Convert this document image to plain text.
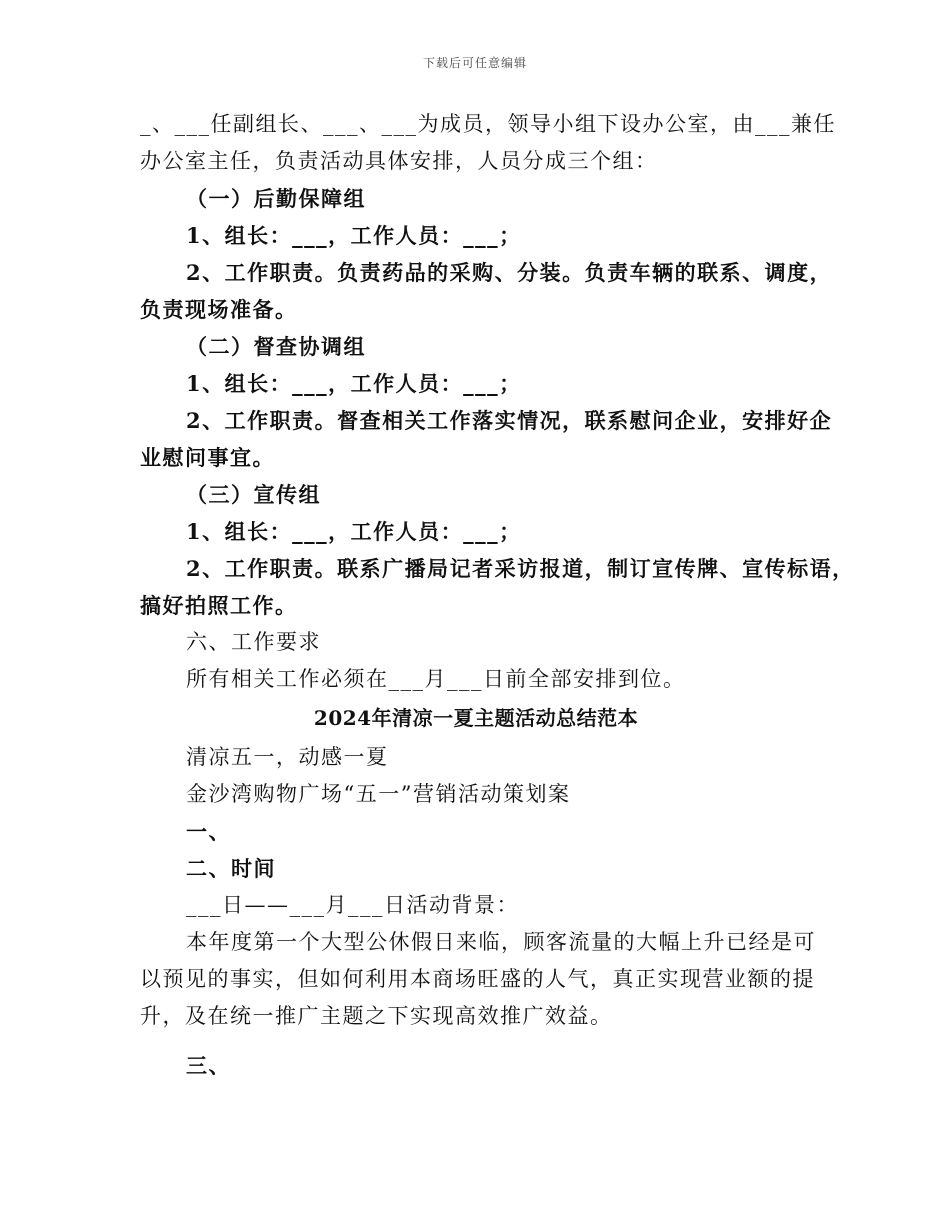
下载后可任意编辑
_、___任副组长、___、___为成员，领导小组下设办公室，由___兼任
办公室主任，负责活动具体安排，人员分成三个组：
（一）后勤保障组
1、组长：___，工作人员：___；
2、工作职责。负责药品的采购、分装。负责车辆的联系、调度，
负责现场准备。
（二）督查协调组
1、组长：___，工作人员：___；
2、工作职责。督查相关工作落实情况，联系慰问企业，安排好企
业慰问事宜。
（三）宣传组
1、组长：___，工作人员：___；
2、工作职责。联系广播局记者采访报道，制订宣传牌、宣传标语，
搞好拍照工作。
六、工作要求
所有相关工作必须在___月___日前全部安排到位。
2024年清凉一夏主题活动总结范本
清凉五一，动感一夏
金沙湾购物广场“五一”营销活动策划案
一、
二、时间
___日——___月___日活动背景：
本年度第一个大型公休假日来临，顾客流量的大幅上升已经是可
以预见的事实，但如何利用本商场旺盛的人气，真正实现营业额的提
升，及在统一推广主题之下实现高效推广效益。
三、
